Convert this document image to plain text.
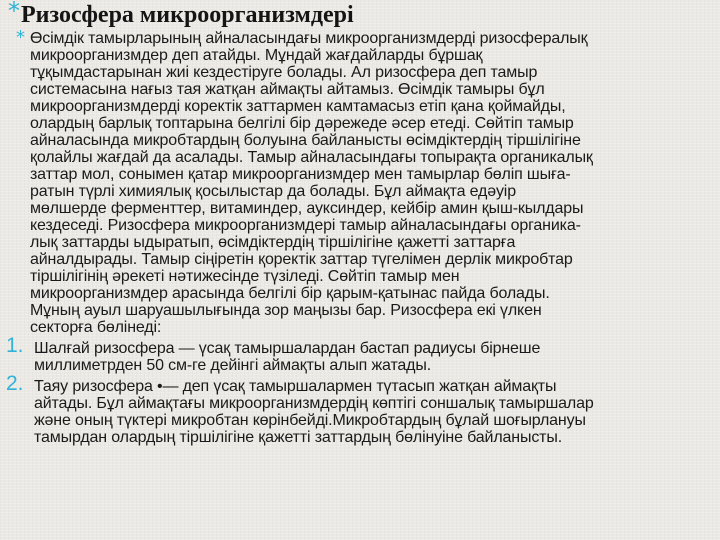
* Ризосфера микроорганизмдері
* Өсімдік тамырларының айналасындағы микроорганизмдерді ризосфералық
микроорганизмдер деп атайды. Мұндай жағдайларды бұршақ
тұқымдастарынан жиі кездестіруге болады. Ал ризосфера деп тамыр
системасына нағыз тая жатқан аймақты айтамыз. Өсімдік тамыры бұл
микроорганизмдерді коректік заттармен камтамасыз етіп қана қоймайды,
олардың барлық топтарына белгілі бір дәрежеде әсер етеді. Сөйтіп тамыр
айналасында микробтардың болуына байланысты өсімдіктердің тіршілігіне
қолайлы жағдай да асалады. Тамыр айналасындағы топырақта органикалық
заттар мол, сонымен қатар микроорганизмдер мен тамырлар бөліп шыға-
ратын түрлі химиялық қосылыстар да болады. Бұл аймақта едәуір
мөлшерде ферменттер, витаминдер, ауксиндер, кейбір амин қыш-кылдары
кездеседі. Ризосфера микроорганизмдері тамыр айналасындағы органика-
лық заттарды ыдыратып, өсімдіктердің тіршілігіне қажетті заттарға
айналдырады. Тамыр сіңіретін қоректік заттар түгелімен дерлік микробтар
тіршілігінің әрекеті нәтижесінде түзіледі. Сөйтіп тамыр мен
микроорганизмдер арасында белгілі бір қарым-қатынас пайда болады.
Мұның ауыл шаруашылығында зор маңызы бар. Ризосфера екі үлкен
секторға бөлінеді:
1. Шалғай ризосфера — үсақ тамыршалардан бастап радиусы бірнеше
миллиметрден 50 см-ге дейінгі аймақты алып жатады.
2. Таяу ризосфера •— деп үсақ тамыршалармен түтасып жатқан аймақты
айтады. Бұл аймақтағы микроорганизмдердің көптігі соншалық тамыршалар
және оның түктері микробтан көрінбейді.Микробтардың бұлай шоғырлануы
тамырдан олардың тіршілігіне қажетті заттардың бөлінуіне байланысты.
